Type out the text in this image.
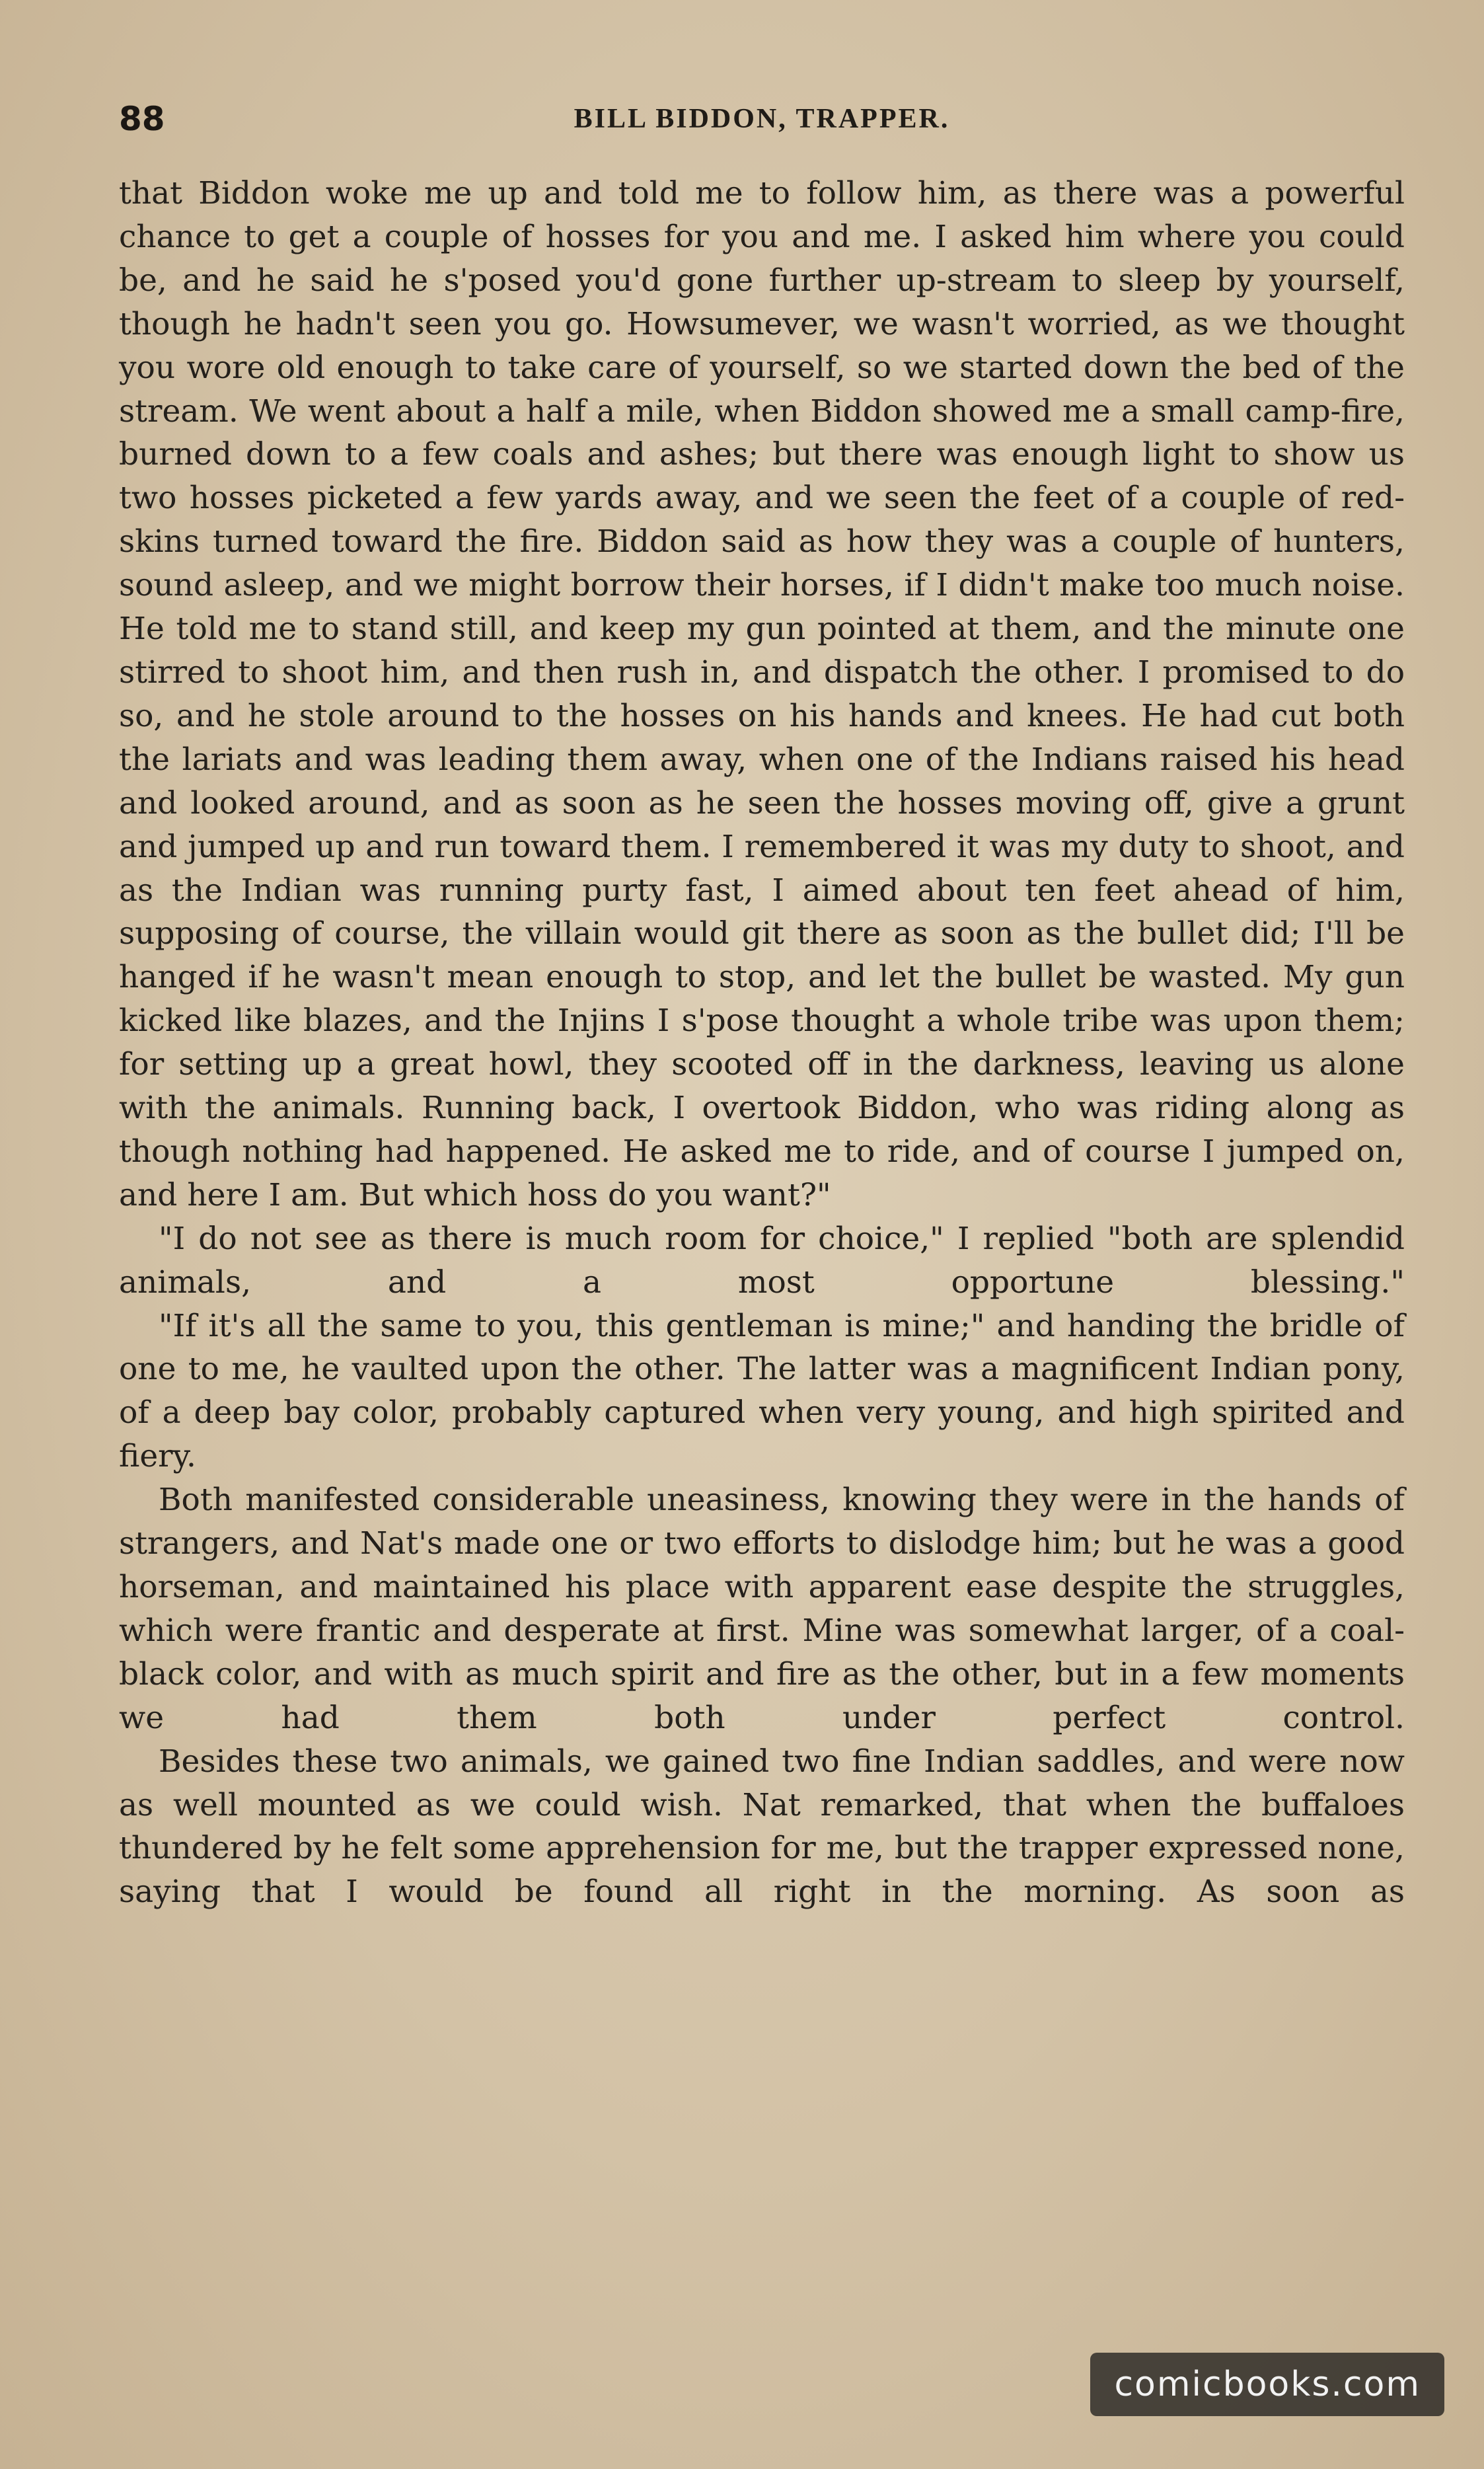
88	BILL BIDDON, TRAPPER.

that Biddon woke me up and told me to follow him, as there was a powerful chance to get a couple of hosses for you and me. I asked him where you could be, and he said he s'posed you'd gone further up-stream to sleep by yourself, though he hadn't seen you go. Howsumever, we wasn't worried, as we thought you wore old enough to take care of yourself, so we started down the bed of the stream. We went about a half a mile, when Biddon showed me a small camp-fire, burned down to a few coals and ashes; but there was enough light to show us two hosses picketed a few yards away, and we seen the feet of a couple of red-skins turned toward the fire. Biddon said as how they was a couple of hunters, sound asleep, and we might borrow their horses, if I didn't make too much noise. He told me to stand still, and keep my gun pointed at them, and the minute one stirred to shoot him, and then rush in, and dispatch the other. I promised to do so, and he stole around to the hosses on his hands and knees. He had cut both the lariats and was leading them away, when one of the Indians raised his head and looked around, and as soon as he seen the hosses moving off, give a grunt and jumped up and run toward them. I remembered it was my duty to shoot, and as the Indian was running purty fast, I aimed about ten feet ahead of him, supposing of course, the villain would git there as soon as the bullet did; I'll be hanged if he wasn't mean enough to stop, and let the bullet be wasted. My gun kicked like blazes, and the Injins I s'pose thought a whole tribe was upon them; for setting up a great howl, they scooted off in the darkness, leaving us alone with the animals. Running back, I overtook Biddon, who was riding along as though nothing had happened. He asked me to ride, and of course I jumped on, and here I am. But which hoss do you want?"

"I do not see as there is much room for choice," I replied "both are splendid animals, and a most opportune blessing."

"If it's all the same to you, this gentleman is mine;" and handing the bridle of one to me, he vaulted upon the other. The latter was a magnificent Indian pony, of a deep bay color, probably captured when very young, and high spirited and fiery.

Both manifested considerable uneasiness, knowing they were in the hands of strangers, and Nat's made one or two efforts to dislodge him; but he was a good horseman, and maintained his place with apparent ease despite the struggles, which were frantic and desperate at first. Mine was somewhat larger, of a coal-black color, and with as much spirit and fire as the other, but in a few moments we had them both under perfect control.

Besides these two animals, we gained two fine Indian saddles, and were now as well mounted as we could wish. Nat remarked, that when the buffaloes thundered by he felt some apprehension for me, but the trapper expressed none, saying that I would be found all right in the morning. As soon as

comicbooks.com
